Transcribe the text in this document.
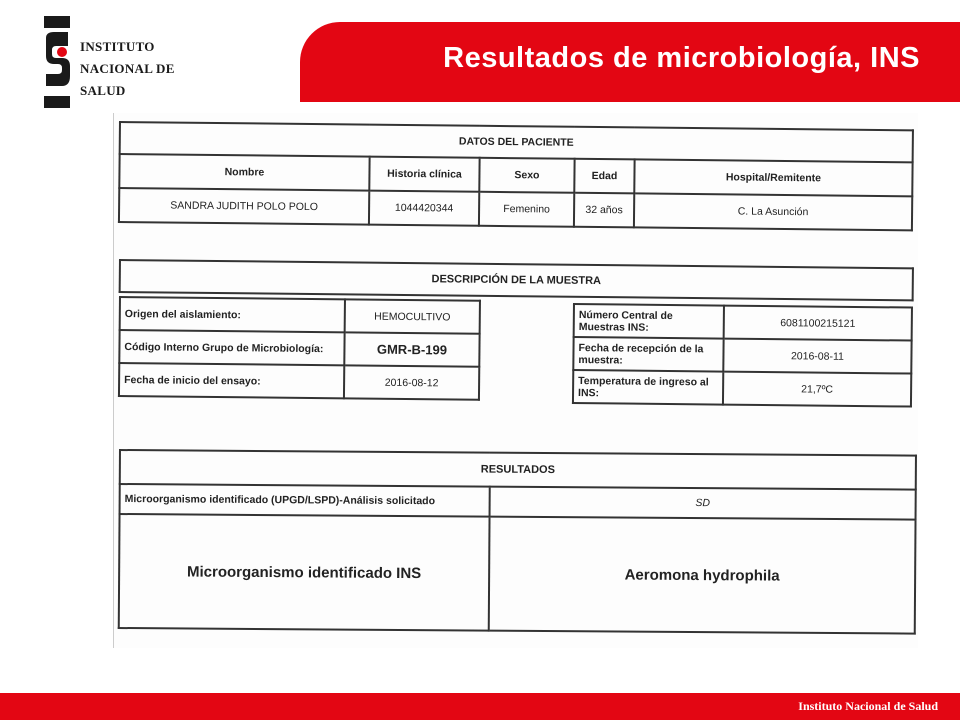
INSTITUTO
NACIONAL DE
SALUD
Resultados de microbiología, INS
DATOS DEL PACIENTE				
Nombre	Historia clínica	Sexo	Edad	Hospital/Remitente
SANDRA JUDITH POLO POLO	1044420344	Femenino	32 años	C. La Asunción
DESCRIPCIÓN DE LA MUESTRA
Origen del aislamiento:	HEMOCULTIVO
Código Interno Grupo de Microbiología:	GMR-B-199
Fecha de inicio del ensayo:	2016-08-12
Número Central de Muestras INS:	6081100215121
Fecha de recepción de la muestra:	2016-08-11
Temperatura de ingreso al INS:	21,7ºC
RESULTADOS	
Microorganismo identificado (UPGD/LSPD)-Análisis solicitado	SD
Microorganismo identificado INS	Aeromona hydrophila
Instituto Nacional de Salud
